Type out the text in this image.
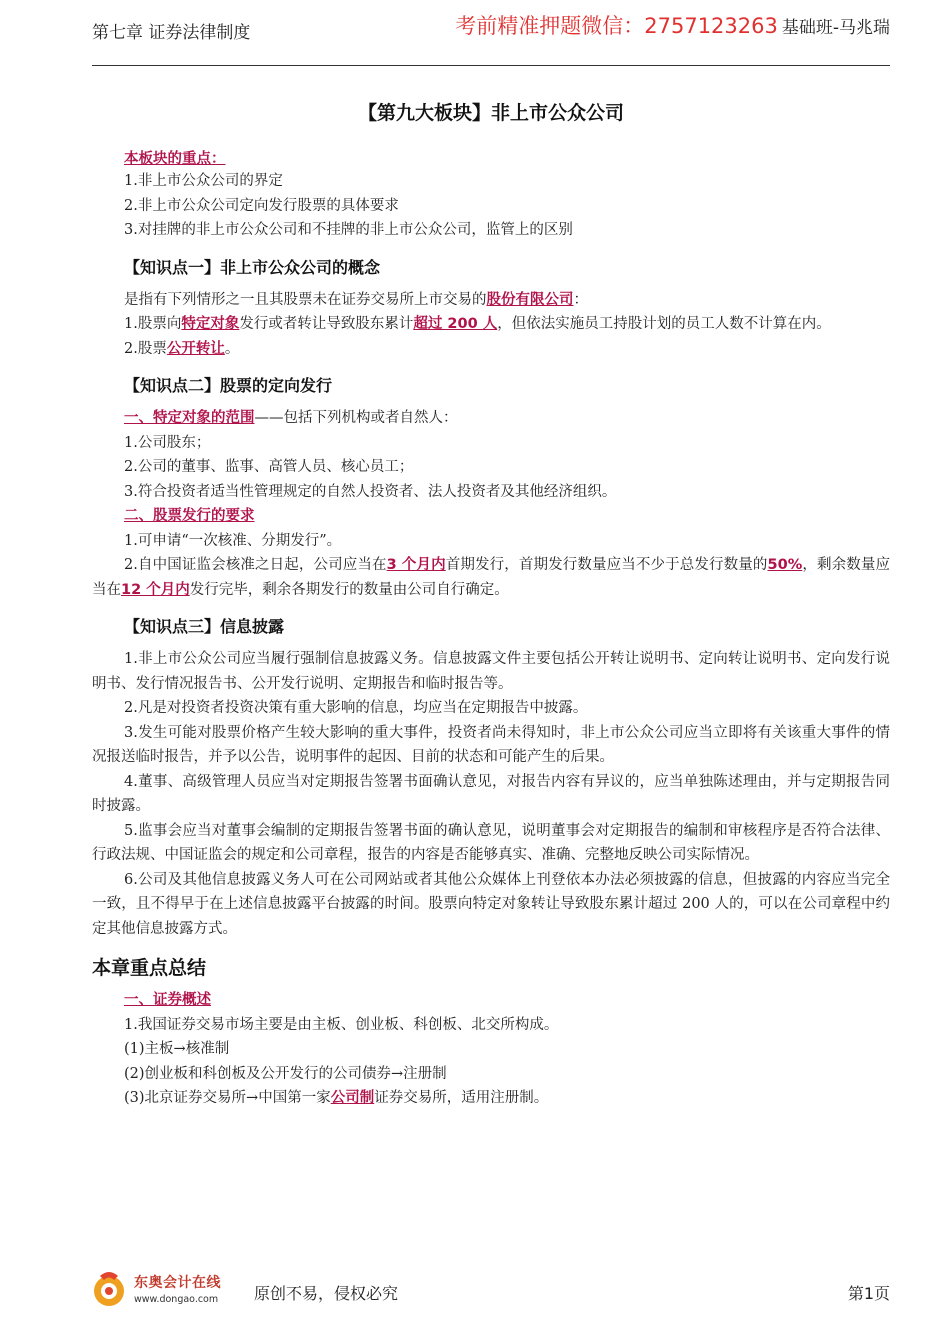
第七章 证券法律制度	考前精准押题微信：2757123263 基础班-马兆瑞
【第九大板块】非上市公众公司
本板块的重点：

1.非上市公众公司的界定

2.非上市公众公司定向发行股票的具体要求

3.对挂牌的非上市公众公司和不挂牌的非上市公众公司，监管上的区别

【知识点一】非上市公众公司的概念

是指有下列情形之一且其股票未在证券交易所上市交易的股份有限公司：

1.股票向特定对象发行或者转让导致股东累计超过 200 人，但依法实施员工持股计划的员工人数不计算在内。

2.股票公开转让。

【知识点二】股票的定向发行

一、特定对象的范围——包括下列机构或者自然人：

1.公司股东；

2.公司的董事、监事、高管人员、核心员工；

3.符合投资者适当性管理规定的自然人投资者、法人投资者及其他经济组织。

二、股票发行的要求

1.可申请“一次核准、分期发行”。

2.自中国证监会核准之日起，公司应当在3 个月内首期发行，首期发行数量应当不少于总发行数量的50%，剩余数量应当在12 个月内发行完毕，剩余各期发行的数量由公司自行确定。

【知识点三】信息披露

1.非上市公众公司应当履行强制信息披露义务。信息披露文件主要包括公开转让说明书、定向转让说明书、定向发行说明书、发行情况报告书、公开发行说明、定期报告和临时报告等。

2.凡是对投资者投资决策有重大影响的信息，均应当在定期报告中披露。

3.发生可能对股票价格产生较大影响的重大事件，投资者尚未得知时，非上市公众公司应当立即将有关该重大事件的情况报送临时报告，并予以公告，说明事件的起因、目前的状态和可能产生的后果。

4.董事、高级管理人员应当对定期报告签署书面确认意见，对报告内容有异议的，应当单独陈述理由，并与定期报告同时披露。

5.监事会应当对董事会编制的定期报告签署书面的确认意见，说明董事会对定期报告的编制和审核程序是否符合法律、行政法规、中国证监会的规定和公司章程，报告的内容是否能够真实、准确、完整地反映公司实际情况。

6.公司及其他信息披露义务人可在公司网站或者其他公众媒体上刊登依本办法必须披露的信息，但披露的内容应当完全一致，且不得早于在上述信息披露平台披露的时间。股票向特定对象转让导致股东累计超过 200 人的，可以在公司章程中约定其他信息披露方式。

本章重点总结

一、证券概述

1.我国证券交易市场主要是由主板、创业板、科创板、北交所构成。

(1)主板→核准制

(2)创业板和科创板及公开发行的公司债券→注册制

(3)北京证券交易所→中国第一家公司制证券交易所，适用注册制。

东奥会计在线
www.dongao.com 原创不易，侵权必究	第1页
